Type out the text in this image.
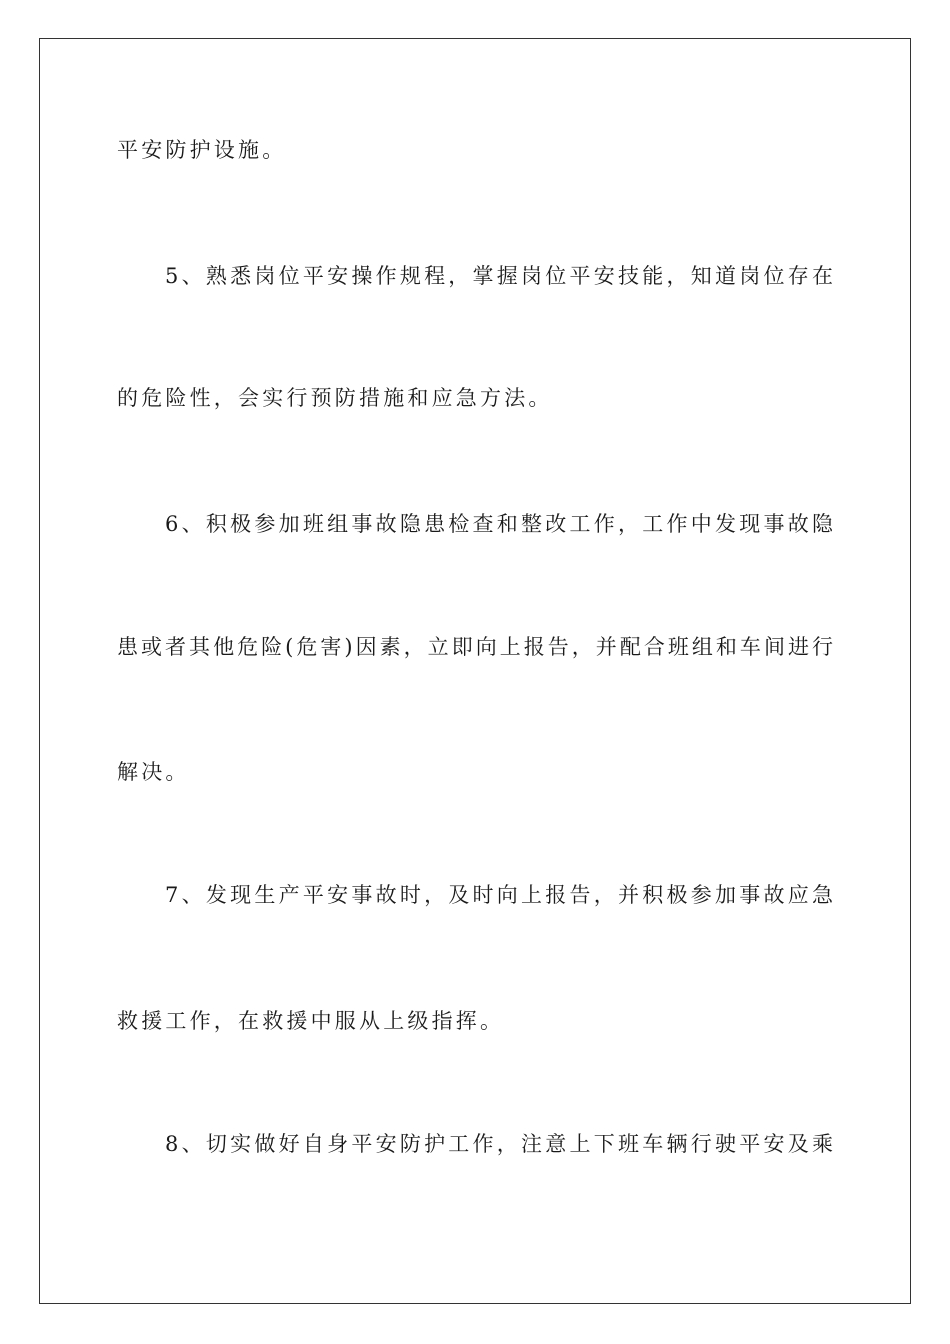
平安防护设施。
5、熟悉岗位平安操作规程，掌握岗位平安技能，知道岗位存在
的危险性，会实行预防措施和应急方法。
6、积极参加班组事故隐患检查和整改工作，工作中发现事故隐
患或者其他危险(危害)因素，立即向上报告，并配合班组和车间进行
解决。
7、发现生产平安事故时，及时向上报告，并积极参加事故应急
救援工作，在救援中服从上级指挥。
8、切实做好自身平安防护工作，注意上下班车辆行驶平安及乘
